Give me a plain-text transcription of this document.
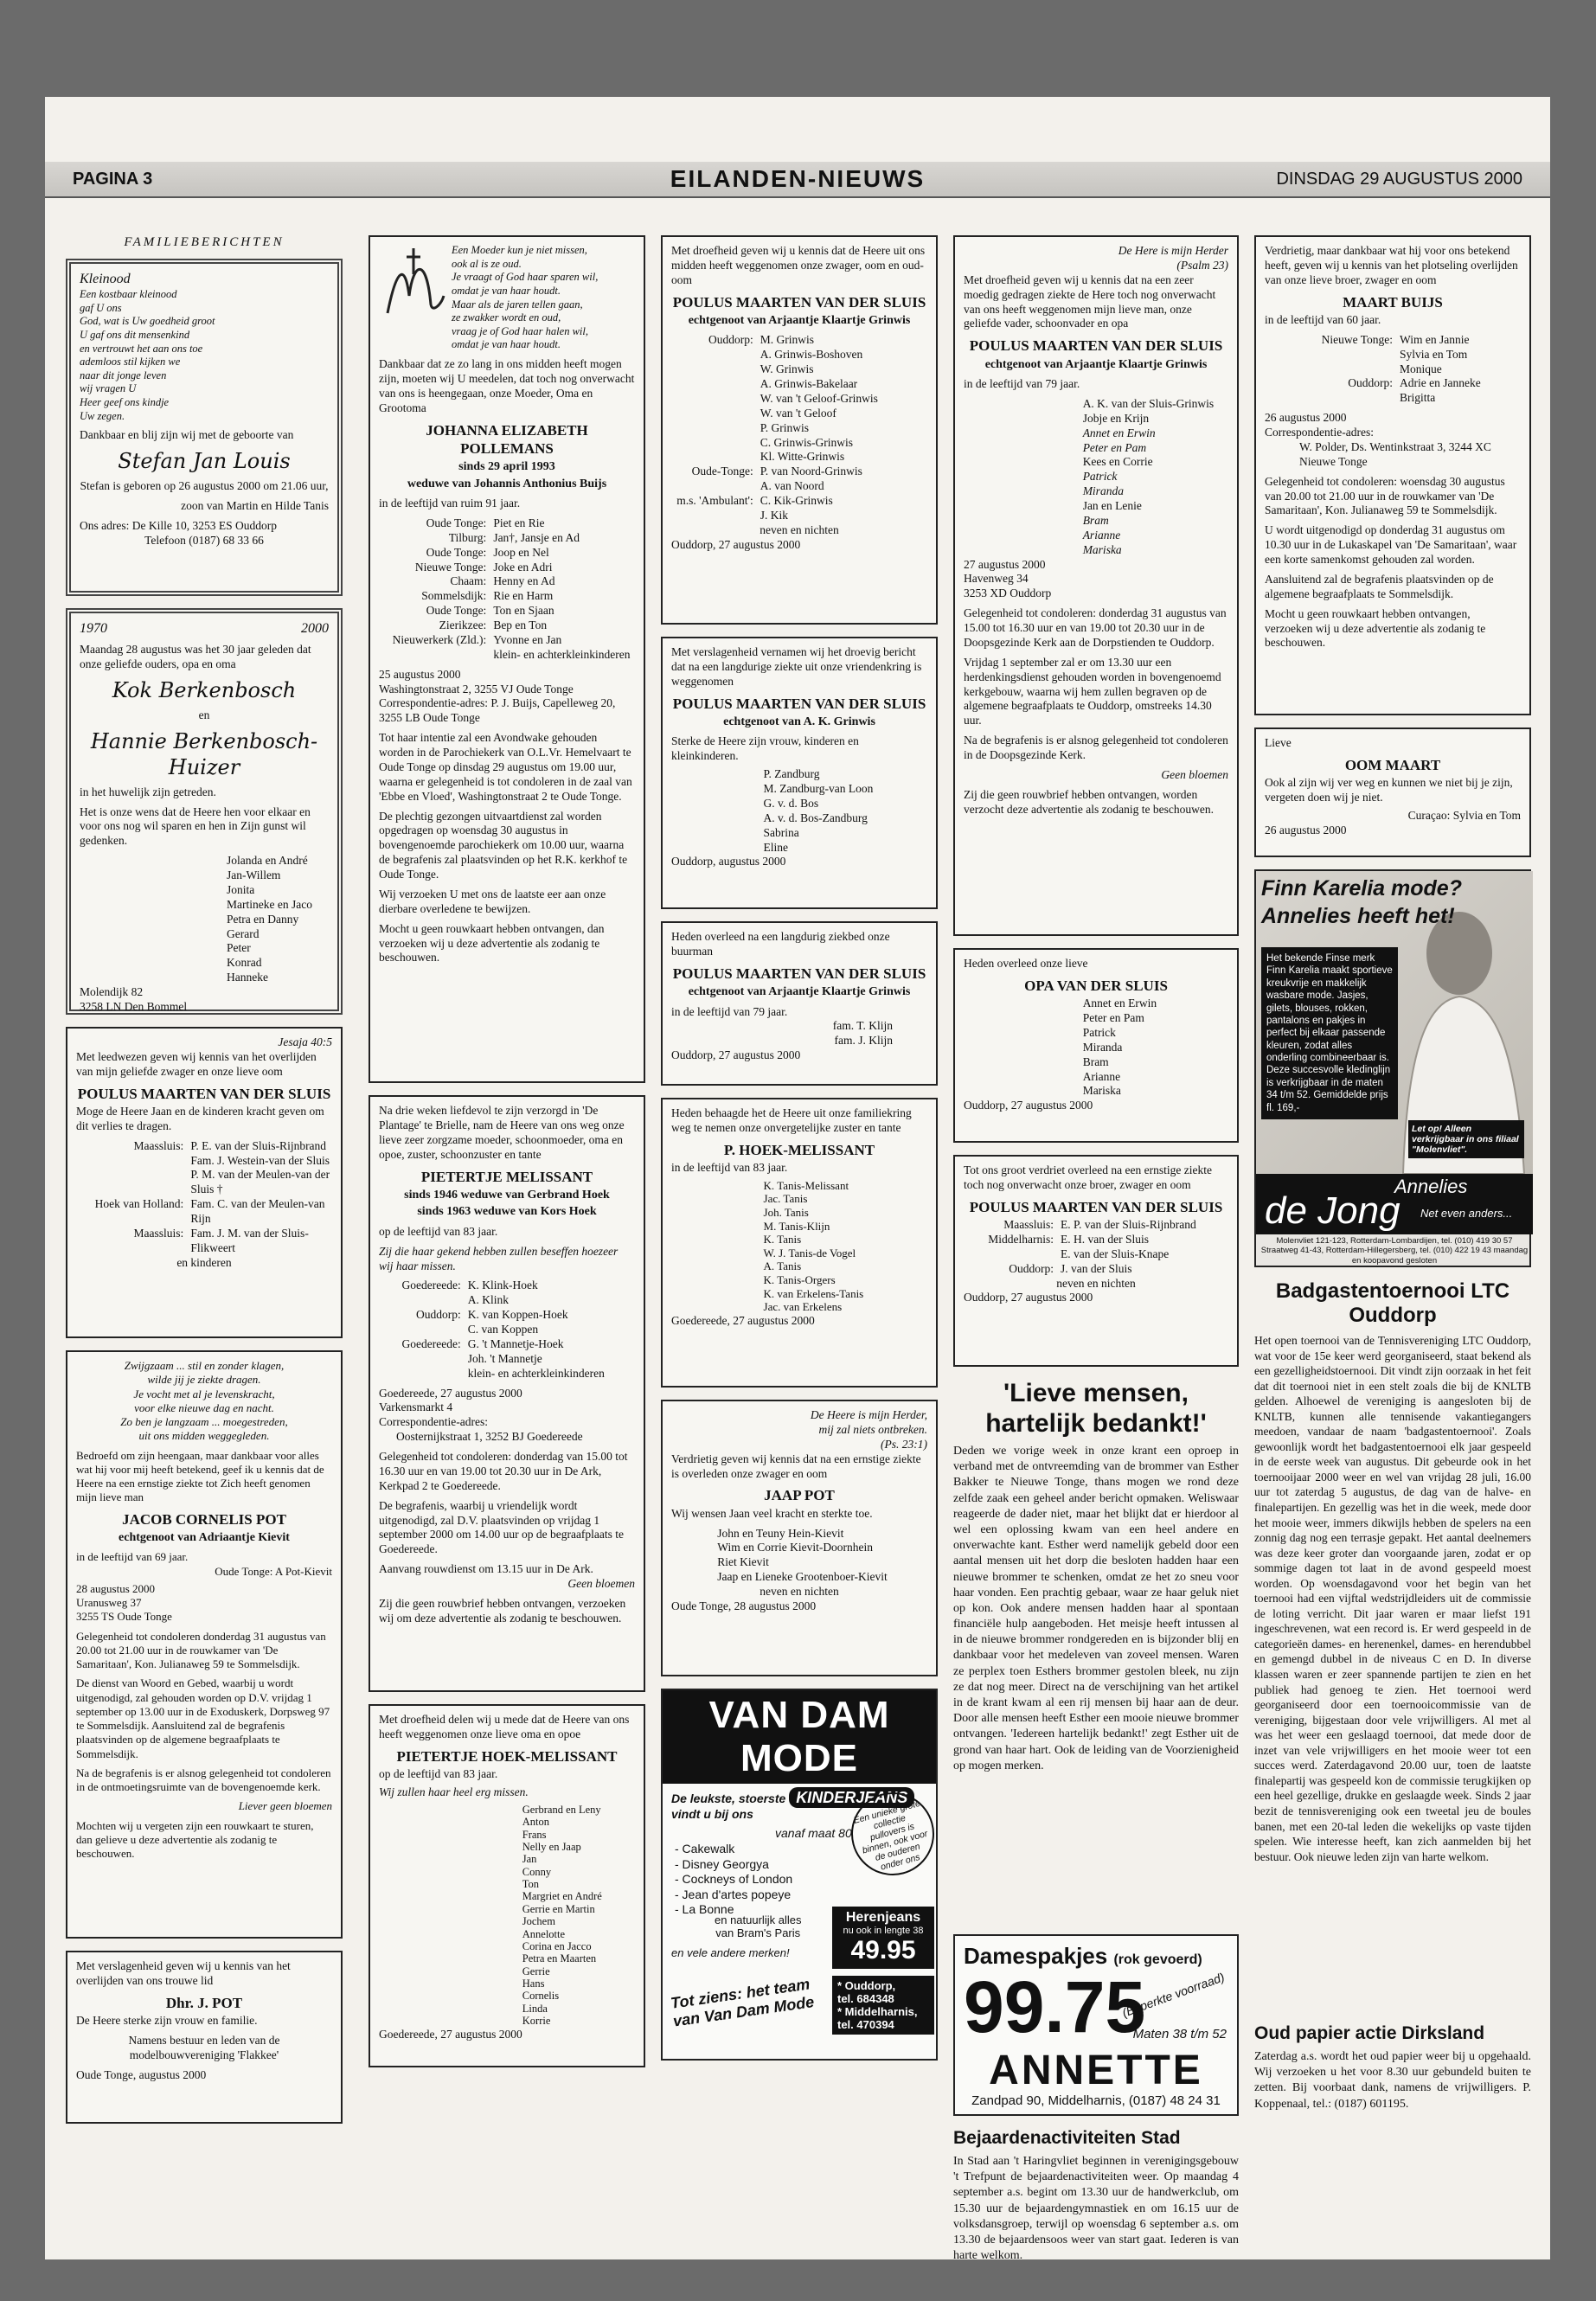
PAGINA 3	EILANDEN-NIEUWS	DINSDAG 29 AUGUSTUS 2000
FAMILIEBERICHTEN
Kleinood
Een kostbaar kleinood
gaf U ons
God, wat is Uw goedheid groot
U gaf ons dit mensenkind
en vertrouwt het aan ons toe
ademloos stil kijken we
naar dit jonge leven
wij vragen U
Heer geef ons kindje
Uw zegen.
Dankbaar en blij zijn wij met de geboorte van
Stefan Jan Louis
Stefan is geboren op 26 augustus 2000 om 21.06 uur,
zoon van Martin en Hilde Tanis
Ons adres: De Kille 10, 3253 ES Ouddorp
Telefoon (0187) 68 33 66
1970	2000
Maandag 28 augustus was het 30 jaar geleden dat onze geliefde ouders, opa en oma
Kok Berkenbosch
en
Hannie Berkenbosch-Huizer
in het huwelijk zijn getreden.
Het is onze wens dat de Heere hen voor elkaar en voor ons nog wil sparen en hen in Zijn gunst wil gedenken.
Jolanda en André
Jan-Willem
Jonita
Martineke en Jaco
Petra en Danny
Gerard
Peter
Konrad
Hanneke
Molendijk 82
3258 LN Den Bommel
Jesaja 40:5
Met leedwezen geven wij kennis van het overlijden van mijn geliefde zwager en onze lieve oom
POULUS MAARTEN VAN DER SLUIS
Moge de Heere Jaan en de kinderen kracht geven om dit verlies te dragen.
Maassluis: P. E. van der Sluis-Rijnbrand
Fam. J. Westein-van der Sluis
P. M. van der Meulen-van der Sluis †
Hoek van Holland: Fam. C. van der Meulen-van Rijn
Maassluis: Fam. J. M. van der Sluis-Flikweert
en kinderen
Zwijgzaam ... stil en zonder klagen,
wilde jij je ziekte dragen.
Je vocht met al je levenskracht,
voor elke nieuwe dag en nacht.
Zo ben je langzaam ... moegestreden,
uit ons midden weggegleden.
Bedroefd om zijn heengaan, maar dankbaar voor alles wat hij voor mij heeft betekend, geef ik u kennis dat de Heere na een ernstige ziekte tot Zich heeft genomen mijn lieve man
JACOB CORNELIS POT
echtgenoot van Adriaantje Kievit
in de leeftijd van 69 jaar.
Oude Tonge: A Pot-Kievit
28 augustus 2000
Uranusweg 37
3255 TS Oude Tonge

Gelegenheid tot condoleren donderdag 31 augustus van 20.00 tot 21.00 uur in de rouwkamer van 'De Samaritaan', Kon. Julianaweg 59 te Sommelsdijk.

De dienst van Woord en Gebed, waarbij u wordt uitgenodigd, zal gehouden worden op D.V. vrijdag 1 september op 13.00 uur in de Exoduskerk, Dorpsweg 97 te Sommelsdijk. Aansluitend zal de begrafenis plaatsvinden op de algemene begraafplaats te Sommelsdijk.

Na de begrafenis is er alsnog gelegenheid tot condoleren in de ontmoetingsruimte van de bovengenoemde kerk.

Liever geen bloemen

Mochten wij u vergeten zijn een rouwkaart te sturen, dan gelieve u deze advertentie als zodanig te beschouwen.

Met verslagenheid geven wij u kennis van het overlijden van ons trouwe lid
Dhr. J. POT
De Heere sterke zijn vrouw en familie.
Namens bestuur en leden van de modelbouwvereniging 'Flakkee'
Oude Tonge, augustus 2000
Een Moeder kun je niet missen,
ook al is ze oud.
Je vraagt of God haar sparen wil,
omdat je van haar houdt.
Maar als de jaren tellen gaan,
ze zwakker wordt en oud,
vraag je of God haar halen wil,
omdat je van haar houdt.
Dankbaar dat ze zo lang in ons midden heeft mogen zijn, moeten wij U meedelen, dat toch nog onverwacht van ons is heengegaan, onze Moeder, Oma en Grootoma
JOHANNA ELIZABETH POLLEMANS
sinds 29 april 1993
weduwe van Johannis Anthonius Buijs
in de leeftijd van ruim 91 jaar.
Oude Tonge: Piet en Rie
Tilburg: Jan†, Jansje en Ad
Oude Tonge: Joop en Nel
Nieuwe Tonge: Joke en Adri
Chaam: Henny en Ad
Sommelsdijk: Rie en Harm
Oude Tonge: Ton en Sjaan
Zierikzee: Bep en Ton
Nieuwerkerk (Zld.): Yvonne en Jan
klein- en achterkleinkinderen
25 augustus 2000
Washingtonstraat 2, 3255 VJ Oude Tonge
Correspondentie-adres: P. J. Buijs, Capelleweg 20, 3255 LB Oude Tonge

Tot haar intentie zal een Avondwake gehouden worden in de Parochiekerk van O.L.Vr. Hemelvaart te Oude Tonge op dinsdag 29 augustus om 19.00 uur, waarna er gelegenheid is tot condoleren in de zaal van 'Ebbe en Vloed', Washingtonstraat 2 te Oude Tonge.

De plechtig gezongen uitvaartdienst zal worden opgedragen op woensdag 30 augustus in bovengenoemde parochiekerk om 10.00 uur, waarna de begrafenis zal plaatsvinden op het R.K. kerkhof te Oude Tonge.

Wij verzoeken U met ons de laatste eer aan onze dierbare overledene te bewijzen.

Mocht u geen rouwkaart hebben ontvangen, dan verzoeken wij u deze advertentie als zodanig te beschouwen.

Na drie weken liefdevol te zijn verzorgd in 'De Plantage' te Brielle, nam de Heere van ons weg onze lieve zeer zorgzame moeder, schoonmoeder, oma en opoe, zuster, schoonzuster en tante
PIETERTJE MELISSANT
sinds 1946 weduwe van Gerbrand Hoek
sinds 1963 weduwe van Kors Hoek
op de leeftijd van 83 jaar.
Zij die haar gekend hebben zullen beseffen hoezeer wij haar missen.
Goedereede: K. Klink-Hoek
A. Klink
Ouddorp: K. van Koppen-Hoek
C. van Koppen
Goedereede: G. 't Mannetje-Hoek
Joh. 't Mannetje
klein- en achterkleinkinderen
Goedereede, 27 augustus 2000
Varkensmarkt 4
Correspondentie-adres:
Oosternijkstraat 1, 3252 BJ Goedereede

Gelegenheid tot condoleren: donderdag van 15.00 tot 16.30 uur en van 19.00 tot 20.30 uur in De Ark, Kerkpad 2 te Goedereede.

De begrafenis, waarbij u vriendelijk wordt uitgenodigd, zal D.V. plaatsvinden op vrijdag 1 september 2000 om 14.00 uur op de begraafplaats te Goedereede.

Aanvang rouwdienst om 13.15 uur in De Ark.
Geen bloemen

Zij die geen rouwbrief hebben ontvangen, verzoeken wij om deze advertentie als zodanig te beschouwen.

Met droefheid delen wij u mede dat de Heere van ons heeft weggenomen onze lieve oma en opoe
PIETERTJE HOEK-MELISSANT
op de leeftijd van 83 jaar.
Wij zullen haar heel erg missen.
Gerbrand en Leny
Anton
Frans
Nelly en Jaap
Jan
Conny
Ton
Margriet en André
Gerrie en Martin
Jochem
Annelotte
Corina en Jacco
Petra en Maarten
Gerrie
Hans
Cornelis
Linda
Korrie
Goedereede, 27 augustus 2000
Met droefheid geven wij u kennis dat de Heere uit ons midden heeft weggenomen onze zwager, oom en oud-oom
POULUS MAARTEN VAN DER SLUIS
echtgenoot van Arjaantje Klaartje Grinwis
Ouddorp: M. Grinwis
A. Grinwis-Boshoven
W. Grinwis
A. Grinwis-Bakelaar
W. van 't Geloof-Grinwis
W. van 't Geloof
P. Grinwis
C. Grinwis-Grinwis
Kl. Witte-Grinwis
Oude-Tonge: P. van Noord-Grinwis
A. van Noord
m.s. 'Ambulant': C. Kik-Grinwis
J. Kik
neven en nichten
Ouddorp, 27 augustus 2000
Met verslagenheid vernamen wij het droevig bericht dat na een langdurige ziekte uit onze vriendenkring is weggenomen
POULUS MAARTEN VAN DER SLUIS
echtgenoot van A. K. Grinwis
Sterke de Heere zijn vrouw, kinderen en kleinkinderen.
P. Zandburg
M. Zandburg-van Loon
G. v. d. Bos
A. v. d. Bos-Zandburg
Sabrina
Eline
Ouddorp, augustus 2000
Heden overleed na een langdurig ziekbed onze buurman
POULUS MAARTEN VAN DER SLUIS
echtgenoot van Arjaantje Klaartje Grinwis
in de leeftijd van 79 jaar.
fam. T. Klijn
fam. J. Klijn
Ouddorp, 27 augustus 2000
Heden behaagde het de Heere uit onze familiekring weg te nemen onze onvergetelijke zuster en tante
P. HOEK-MELISSANT
in de leeftijd van 83 jaar.
K. Tanis-Melissant
Jac. Tanis
Joh. Tanis
M. Tanis-Klijn
K. Tanis
W. J. Tanis-de Vogel
A. Tanis
K. Tanis-Orgers
K. van Erkelens-Tanis
Jac. van Erkelens
Goedereede, 27 augustus 2000
De Heere is mijn Herder,
mij zal niets ontbreken.
(Ps. 23:1)
Verdrietig geven wij kennis dat na een ernstige ziekte is overleden onze zwager en oom
JAAP POT
Wij wensen Jaan veel kracht en sterkte toe.
John en Teuny Hein-Kievit
Wim en Corrie Kievit-Doornhein
Riet Kievit
Jaap en Lieneke Grootenboer-Kievit
neven en nichten
Oude Tonge, 28 augustus 2000
VAN DAM MODE
De leukste, stoerste KINDERJEANS
vindt u bij ons
vanaf maat 80
- Cakewalk
- Disney Georgya
- Cockneys of London
- Jean d'artes popeye
- La Bonne
Een unieke grote collectie pullovers is binnen, ook voor de ouderen onder ons
en natuurlijk alles
van Bram's Paris
en vele andere merken!
Herenjeans
nu ook in lengte 38
49.95
Tot ziens: het team van Van Dam Mode
* Ouddorp,
tel. 684348
* Middelharnis,
tel. 470394
De Here is mijn Herder
(Psalm 23)
Met droefheid geven wij u kennis dat na een zeer moedig gedragen ziekte de Here toch nog onverwacht van ons heeft weggenomen mijn lieve man, onze geliefde vader, schoonvader en opa
POULUS MAARTEN VAN DER SLUIS
echtgenoot van Arjaantje Klaartje Grinwis
in de leeftijd van 79 jaar.
A. K. van der Sluis-Grinwis
Jobje en Krijn
Annet en Erwin
Peter en Pam
Kees en Corrie
Patrick
Miranda
Jan en Lenie
Bram
Arianne
Mariska
27 augustus 2000
Havenweg 34
3253 XD Ouddorp

Gelegenheid tot condoleren: donderdag 31 augustus van 15.00 tot 16.30 uur en van 19.00 tot 20.30 uur in de Doopsgezinde Kerk aan de Dorpstienden te Ouddorp.

Vrijdag 1 september zal er om 13.30 uur een herdenkingsdienst gehouden worden in bovengenoemd kerkgebouw, waarna wij hem zullen begraven op de algemene begraafplaats te Ouddorp, omstreeks 14.30 uur.

Na de begrafenis is er alsnog gelegenheid tot condoleren in de Doopsgezinde Kerk.

Geen bloemen

Zij die geen rouwbrief hebben ontvangen, worden verzocht deze advertentie als zodanig te beschouwen.

Heden overleed onze lieve
OPA VAN DER SLUIS
Annet en Erwin
Peter en Pam
Patrick
Miranda
Bram
Arianne
Mariska
Ouddorp, 27 augustus 2000
Tot ons groot verdriet overleed na een ernstige ziekte toch nog onverwacht onze broer, zwager en oom
POULUS MAARTEN VAN DER SLUIS
Maassluis: E. P. van der Sluis-Rijnbrand
Middelharnis: E. H. van der Sluis
E. van der Sluis-Knape
Ouddorp: J. van der Sluis
neven en nichten
Ouddorp, 27 augustus 2000
'Lieve mensen, hartelijk bedankt!'
Deden we vorige week in onze krant een oproep in verband met de ontvreemding van de brommer van Esther Bakker te Nieuwe Tonge, thans mogen we rond deze zelfde zaak een geheel ander bericht opmaken. Weliswaar reageerde de dader niet, maar het blijkt dat er hierdoor al wel een oplossing kwam van een heel andere en onverwachte kant. Esther werd namelijk gebeld door een aantal mensen uit het dorp die besloten hadden haar een nieuwe brommer te schenken, omdat ze het zo sneu voor haar vonden. Een prachtig gebaar, waar ze haar geluk niet op kon. Ook andere mensen hadden haar al spontaan financiële hulp aangeboden. Het meisje heeft intussen al in de nieuwe brommer rondgereden en is bijzonder blij en dankbaar voor het medeleven van zoveel mensen. Waren ze perplex toen Esthers brommer gestolen bleek, nu zijn ze dat nog meer. Direct na de verschijning van het artikel in de krant kwam al een rij mensen bij haar aan de deur. Door alle mensen heeft Esther een mooie nieuwe brommer ontvangen. 'Iedereen hartelijk bedankt!' zegt Esther uit de grond van haar hart. Ook de leiding van de Voorzienigheid op mogen merken.
Damespakjes (rok gevoerd)
99.75
(Beperkte voorraad)
Maten 38 t/m 52
ANNETTE
Zandpad 90, Middelharnis, (0187) 48 24 31
Bejaardenactiviteiten Stad
In Stad aan 't Haringvliet beginnen in verenigingsgebouw 't Trefpunt de bejaardenactiviteiten weer. Op maandag 4 september a.s. begint om 13.30 uur de handwerkclub, om 15.30 uur de bejaardengymnastiek en om 16.15 uur de volksdansgroep, terwijl op woensdag 6 september a.s. om 13.30 de bejaardensoos weer van start gaat. Iederen is van harte welkom.
Verdrietig, maar dankbaar wat hij voor ons betekend heeft, geven wij u kennis van het plotseling overlijden van onze lieve broer, zwager en oom
MAART BUIJS
in de leeftijd van 60 jaar.
Nieuwe Tonge: Wim en Jannie
Sylvia en Tom
Monique
Ouddorp: Adrie en Janneke
Brigitta
26 augustus 2000
Correspondentie-adres:
W. Polder, Ds. Wentinkstraat 3, 3244 XC Nieuwe Tonge

Gelegenheid tot condoleren: woensdag 30 augustus van 20.00 tot 21.00 uur in de rouwkamer van 'De Samaritaan', Kon. Julianaweg 59 te Sommelsdijk.

U wordt uitgenodigd op donderdag 31 augustus om 10.30 uur in de Lukaskapel van 'De Samaritaan', waar een korte samenkomst gehouden zal worden.

Aansluitend zal de begrafenis plaatsvinden op de algemene begraafplaats te Sommelsdijk.

Mocht u geen rouwkaart hebben ontvangen, verzoeken wij u deze advertentie als zodanig te beschouwen.

Lieve
OOM MAART
Ook al zijn wij ver weg en kunnen we niet bij je zijn, vergeten doen wij je niet.
Curaçao: Sylvia en Tom
26 augustus 2000
Finn Karelia mode?
Annelies heeft het!
Het bekende Finse merk Finn Karelia maakt sportieve kreukvrije en makkelijk wasbare mode. Jasjes, gilets, blouses, rokken, pantalons en pakjes in perfect bij elkaar passende kleuren, zodat alles onderling combineerbaar is. Deze succesvolle kledinglijn is verkrijgbaar in de maten 34 t/m 52. Gemiddelde prijs fl. 169,-
Let op! Alleen verkrijgbaar in ons filiaal "Molenvliet".
Annelies
de Jong Net even anders...
Molenvliet 121-123, Rotterdam-Lombardijen, tel. (010) 419 30 57 Straatweg 41-43, Rotterdam-Hillegersberg, tel. (010) 422 19 43 maandag en koopavond gesloten
Badgastentoernooi LTC Ouddorp
Het open toernooi van de Tennisvereniging LTC Ouddorp, wat voor de 15e keer werd georganiseerd, staat bekend als een gezelligheidstoernooi. Dit vindt zijn oorzaak in het feit dat dit toernooi niet in een stelt zoals die bij de KNLTB gelden. Alhoewel de vereniging is aangesloten bij de KNLTB, kunnen alle tennisende vakantiegangers meedoen, vandaar de naam 'badgastentoernooi'. Zoals gewoonlijk wordt het badgastentoernooi elk jaar gespeeld in de eerste week van augustus. Dit gebeurde ook in het toernooijaar 2000 weer en wel van vrijdag 28 juli, 16.00 uur tot zaterdag 5 augustus, de dag van de halve- en finalepartijen. En gezellig was het in die week, mede door het mooie weer, immers dikwijls hebben de spelers na een zonnig dag nog een terrasje gepakt. Het aantal deelnemers was deze keer groter dan voorgaande jaren, zodat er op sommige dagen tot laat in de avond gespeeld moest worden. Op woensdagavond voor het begin van het toernooi had een vijftal wedstrijdleiders uit de commissie de loting verricht. Dit jaar waren er maar liefst 191 ingeschrevenen, wat een record is. Er werd gespeeld in de categorieën dames- en herenenkel, dames- en herendubbel en gemengd dubbel in de niveaus C en D. In diverse klassen waren er zeer spannende partijen te zien en het publiek had genoeg te zien. Het toernooi werd georganiseerd door een toernooicommissie van de vereniging, bijgestaan door vele vrijwilligers. Al met al was het weer een geslaagd toernooi, dat mede door de inzet van vele vrijwilligers en het mooie weer tot een succes werd. Zaterdagavond 20.00 uur, toen de laatste finalepartij was gespeeld kon de commissie terugkijken op een heel gezellige, drukke en geslaagde week. Sinds 2 jaar bezit de tennisvereniging ook een tweetal jeu de boules banen, met een 20-tal leden die wekelijks op vaste tijden spelen. Wie interesse heeft, kan zich aanmelden bij het bestuur. Ook nieuwe leden zijn van harte welkom.
Oud papier actie Dirksland
Zaterdag a.s. wordt het oud papier weer bij u opgehaald. Wij verzoeken u het voor 8.30 uur gebundeld buiten te zetten. Bij voorbaat dank, namens de vrijwilligers. P. Koppenaal, tel.: (0187) 601195.
